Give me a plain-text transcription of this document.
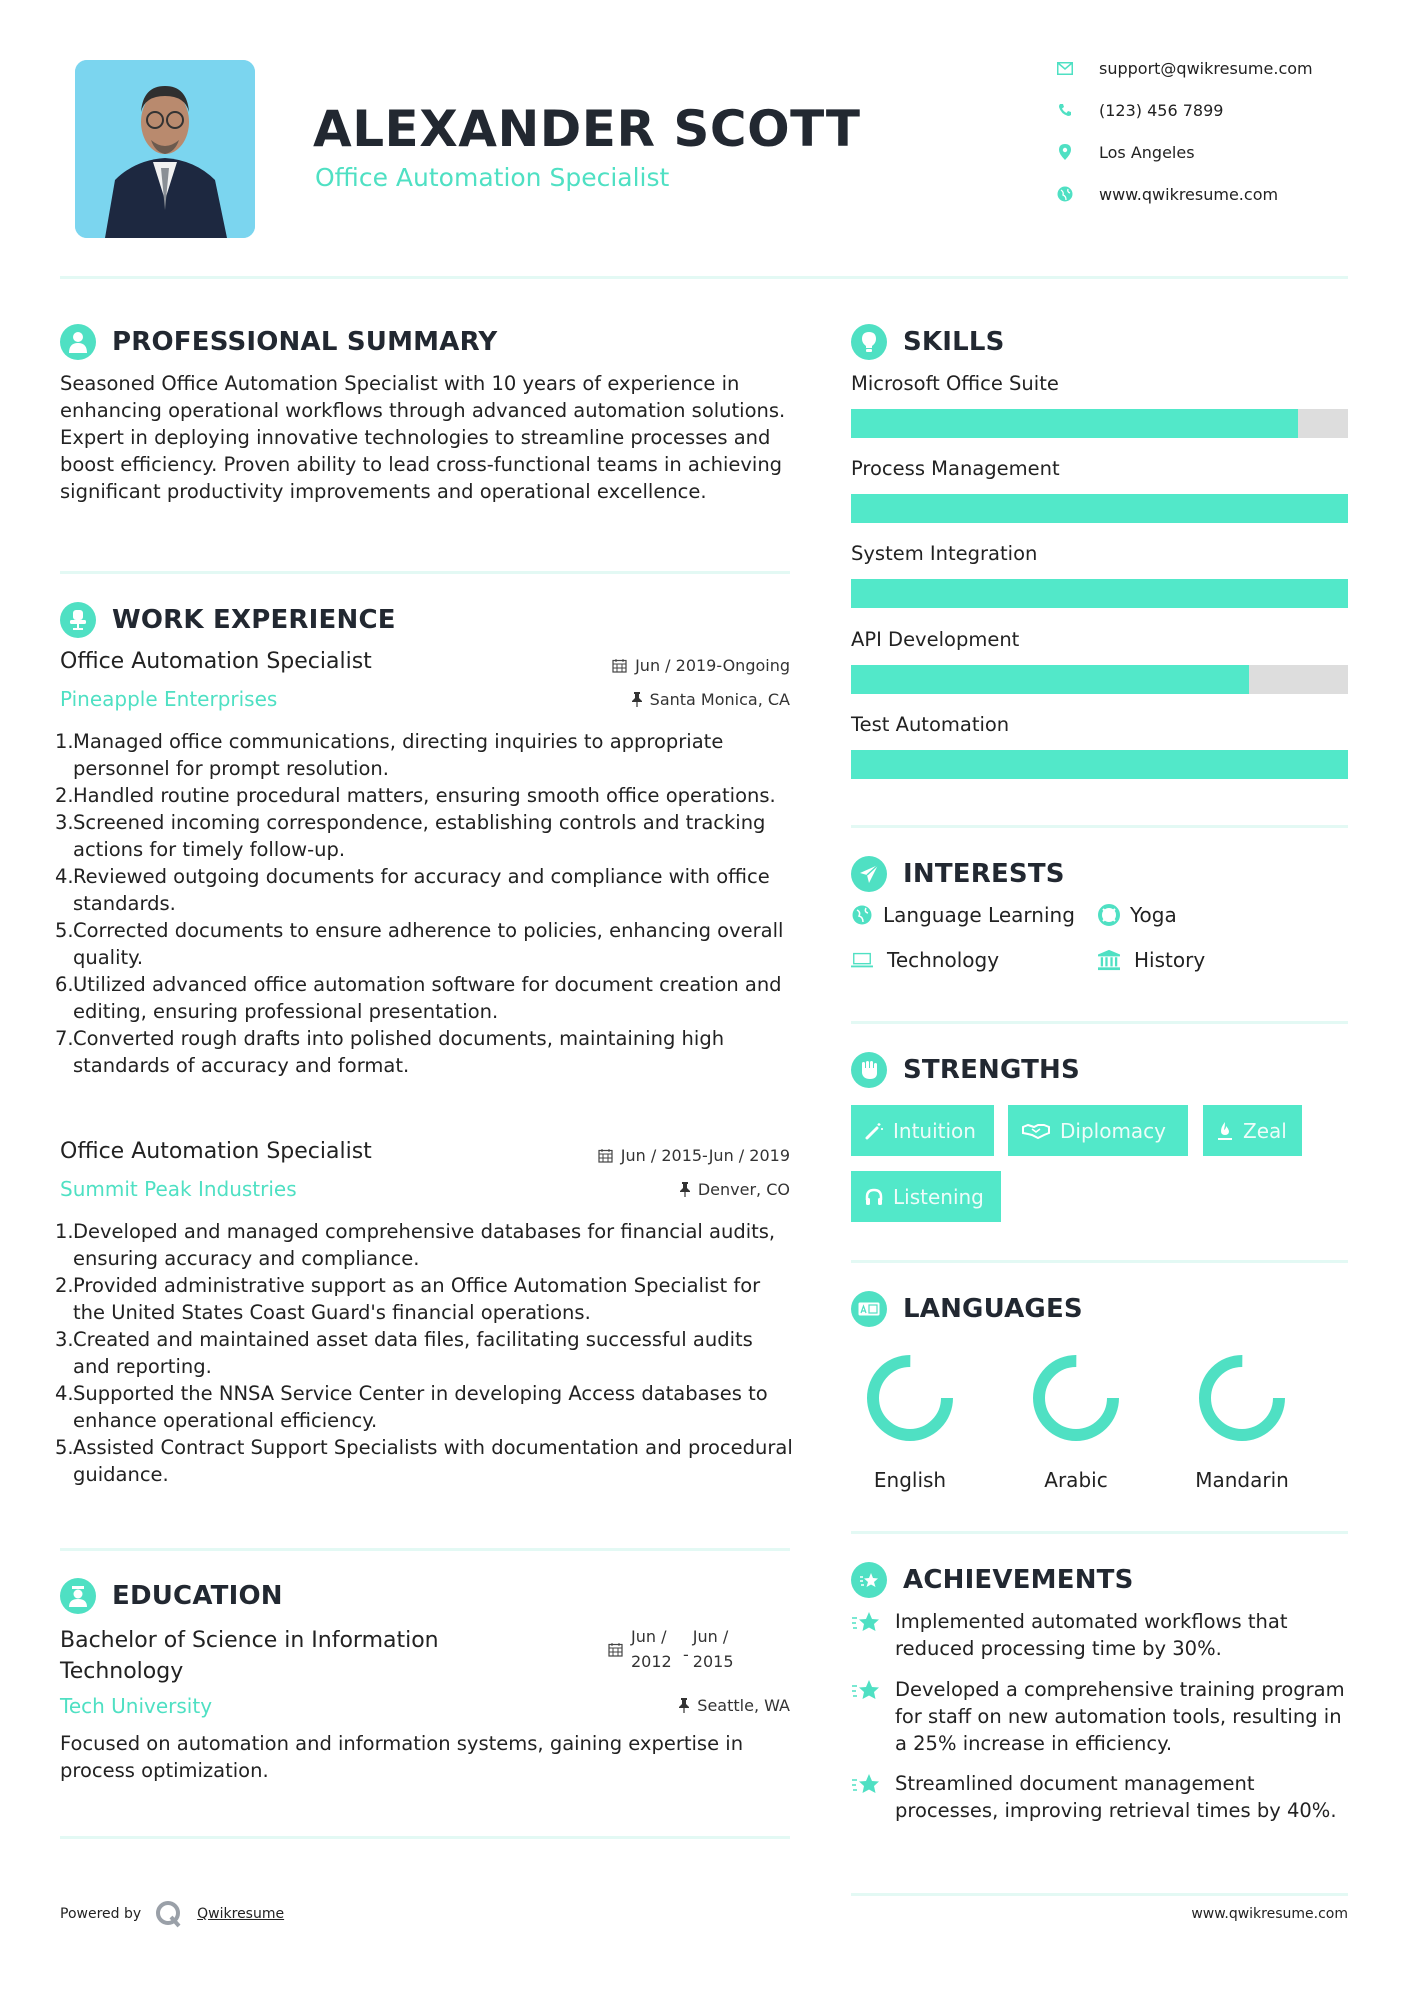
ALEXANDER SCOTT
Office Automation Specialist
support@qwikresume.com
(123) 456 7899
Los Angeles
www.qwikresume.com
PROFESSIONAL SUMMARY
Seasoned Office Automation Specialist with 10 years of experience in enhancing operational workflows through advanced automation solutions. Expert in deploying innovative technologies to streamline processes and boost efficiency. Proven ability to lead cross-functional teams in achieving significant productivity improvements and operational excellence.
WORK EXPERIENCE
Office Automation Specialist	Jun / 2019-Ongoing
Pineapple Enterprises	Santa Monica, CA
1. Managed office communications, directing inquiries to appropriate personnel for prompt resolution.
2. Handled routine procedural matters, ensuring smooth office operations.
3. Screened incoming correspondence, establishing controls and tracking actions for timely follow-up.
4. Reviewed outgoing documents for accuracy and compliance with office standards.
5. Corrected documents to ensure adherence to policies, enhancing overall quality.
6. Utilized advanced office automation software for document creation and editing, ensuring professional presentation.
7. Converted rough drafts into polished documents, maintaining high standards of accuracy and format.
Office Automation Specialist	Jun / 2015-Jun / 2019
Summit Peak Industries	Denver, CO
1. Developed and managed comprehensive databases for financial audits, ensuring accuracy and compliance.
2. Provided administrative support as an Office Automation Specialist for the United States Coast Guard's financial operations.
3. Created and maintained asset data files, facilitating successful audits and reporting.
4. Supported the NNSA Service Center in developing Access databases to enhance operational efficiency.
5. Assisted Contract Support Specialists with documentation and procedural guidance.
EDUCATION
Bachelor of Science in Information Technology
Jun /
2012 -
Jun /
2015
Tech University	Seattle, WA
Focused on automation and information systems, gaining expertise in process optimization.
SKILLS
Microsoft Office Suite
Process Management
System Integration
API Development
Test Automation
INTERESTS
Language Learning	Yoga
Technology	History
STRENGTHS
Intuition	Diplomacy	Zeal
Listening
LANGUAGES
English	Arabic	Mandarin
ACHIEVEMENTS
Implemented automated workflows that reduced processing time by 30%.
Developed a comprehensive training program for staff on new automation tools, resulting in a 25% increase in efficiency.
Streamlined document management processes, improving retrieval times by 40%.
Powered by	Qwikresume	www.qwikresume.com
